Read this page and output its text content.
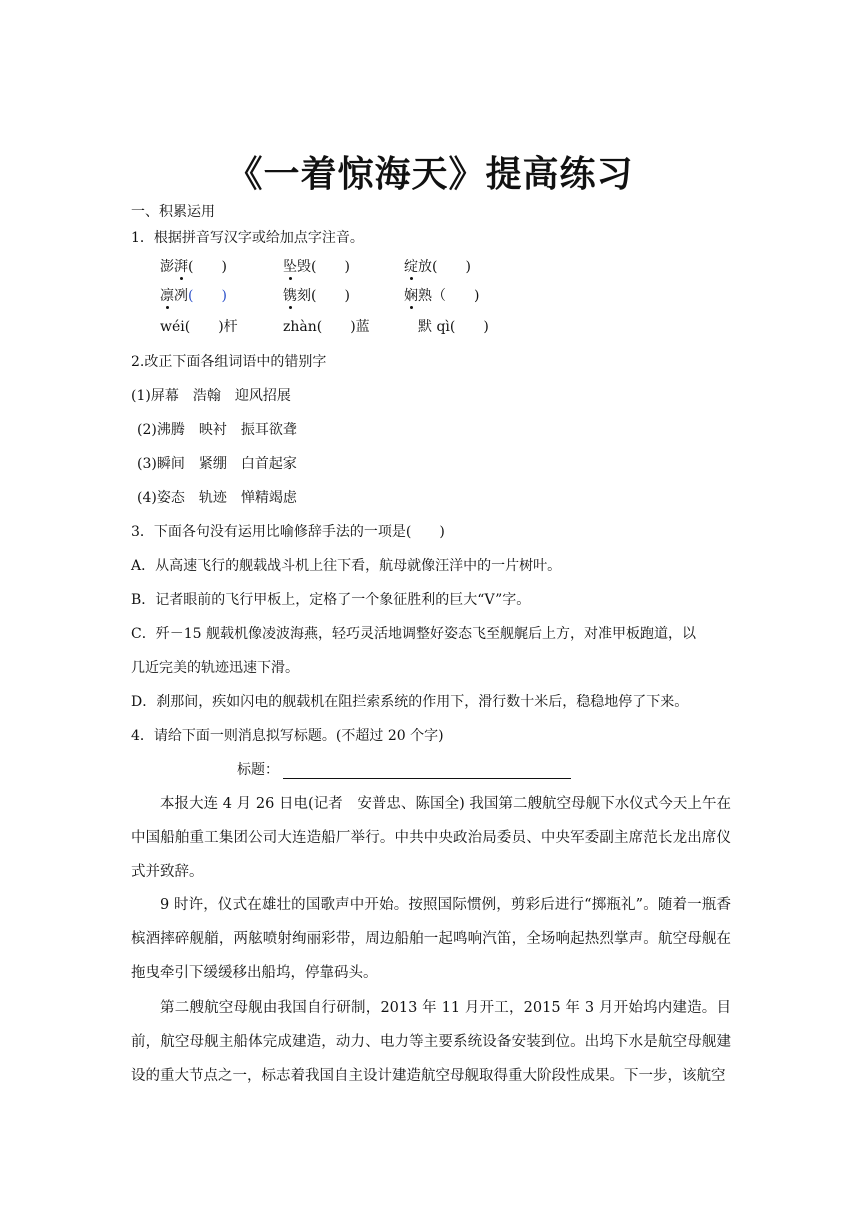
《一着惊海天》提高练习
一、积累运用
1．根据拼音写汉字或给加点字注音。
澎湃(　　)	坠毁(　　)	绽放(　　)
凛冽(　　)	镌刻(　　)	娴熟（　　)
wéi(　　)杆	zhàn(　　)蓝	默 qì(　　)
2.改正下面各组词语中的错别字
(1)屏幕　浩翰　迎风招展
(2)沸腾　映衬　振耳欲聋
(3)瞬间　紧绷　白首起家
(4)姿态　轨迹　惮精竭虑
3．下面各句没有运用比喻修辞手法的一项是(　　)
A．从高速飞行的舰载战斗机上往下看，航母就像汪洋中的一片树叶。
B．记者眼前的飞行甲板上，定格了一个象征胜利的巨大“V”字。
C．歼－15 舰载机像凌波海燕，轻巧灵活地调整好姿态飞至舰艉后上方，对准甲板跑道，以
几近完美的轨迹迅速下滑。
D．刹那间，疾如闪电的舰载机在阻拦索系统的作用下，滑行数十米后，稳稳地停了下来。
4．请给下面一则消息拟写标题。(不超过 20 个字)
标题：
本报大连 4 月 26 日电(记者　安普忠、陈国全) 我国第二艘航空母舰下水仪式今天上午在中国船舶重工集团公司大连造船厂举行。中共中央政治局委员、中央军委副主席范长龙出席仪式并致辞。
9 时许，仪式在雄壮的国歌声中开始。按照国际惯例，剪彩后进行“掷瓶礼”。随着一瓶香槟酒摔碎舰艏，两舷喷射绚丽彩带，周边船舶一起鸣响汽笛，全场响起热烈掌声。航空母舰在拖曳牵引下缓缓移出船坞，停靠码头。
第二艘航空母舰由我国自行研制，2013 年 11 月开工，2015 年 3 月开始坞内建造。目前，航空母舰主船体完成建造，动力、电力等主要系统设备安装到位。出坞下水是航空母舰建设的重大节点之一，标志着我国自主设计建造航空母舰取得重大阶段性成果。下一步，该航空
